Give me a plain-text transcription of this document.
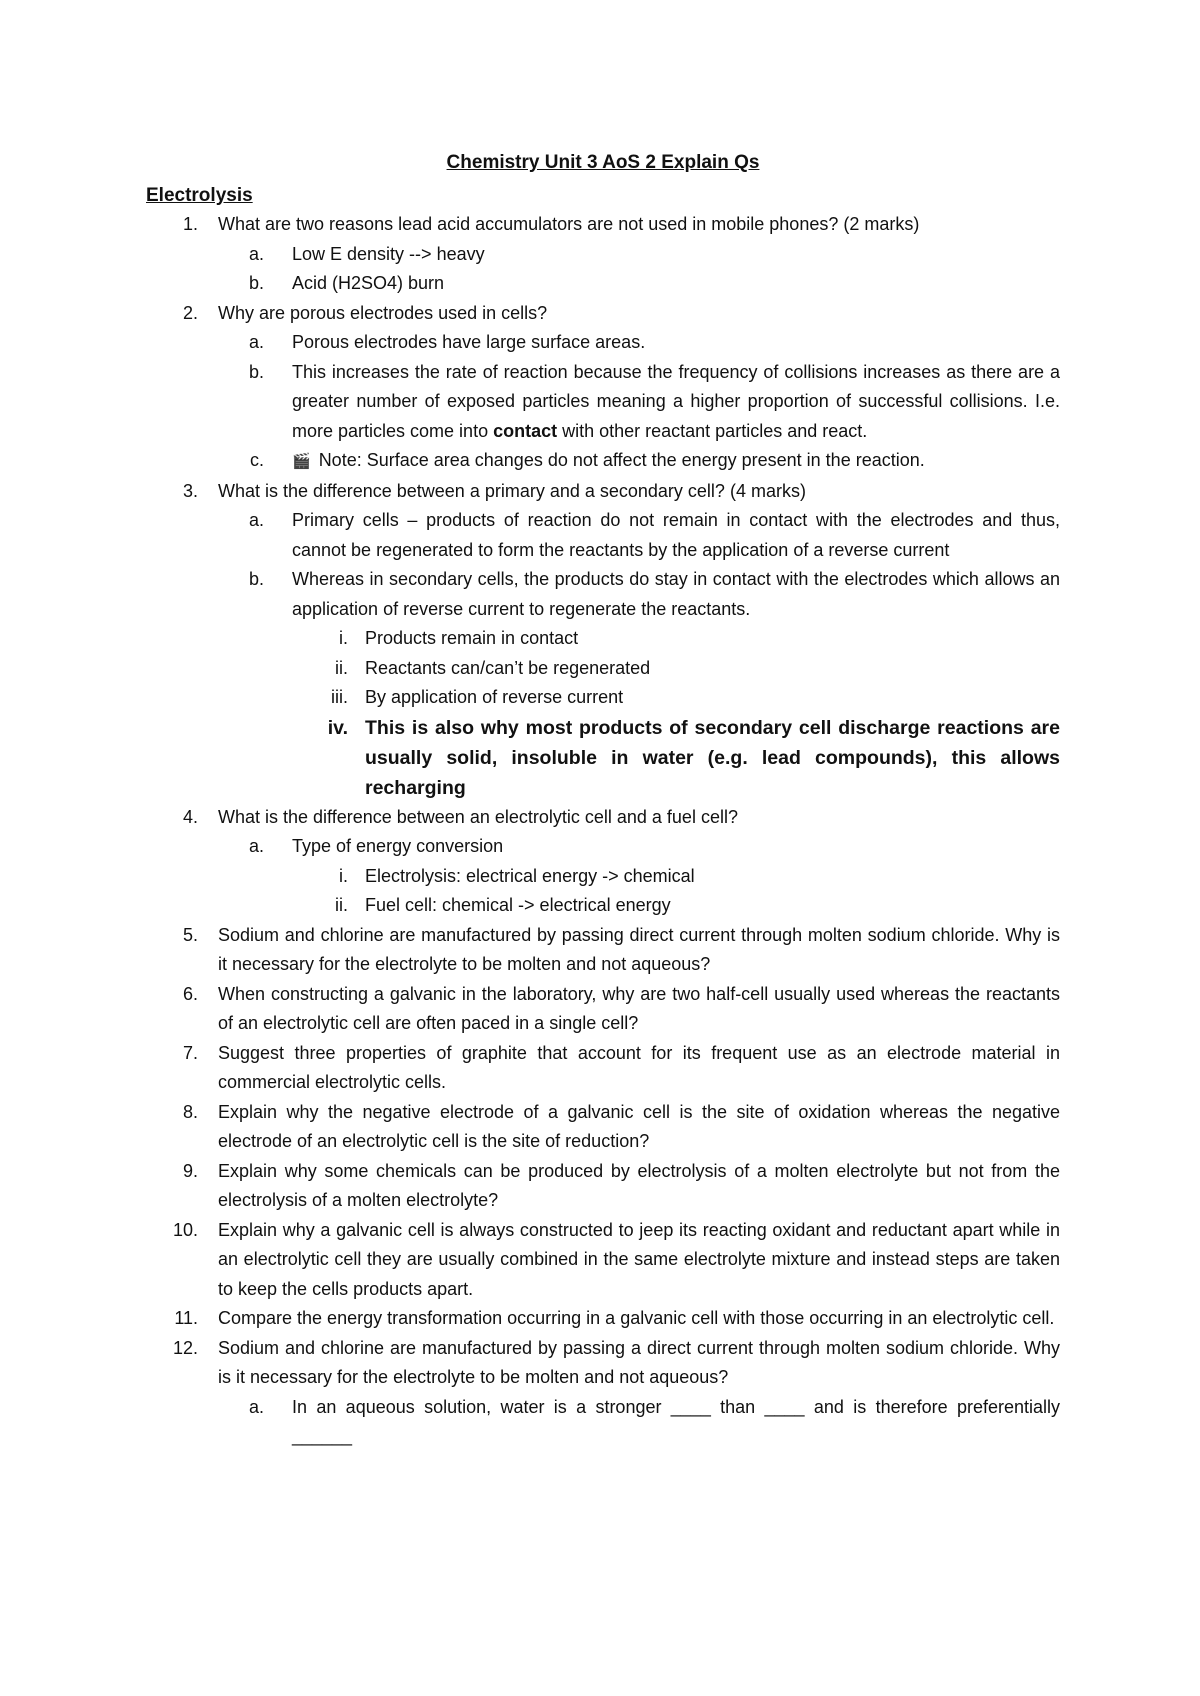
Chemistry Unit 3 AoS 2 Explain Qs
Electrolysis
1. What are two reasons lead acid accumulators are not used in mobile phones? (2 marks)
a. Low E density --> heavy
b. Acid (H2SO4) burn
2. Why are porous electrodes used in cells?
a. Porous electrodes have large surface areas.
b. This increases the rate of reaction because the frequency of collisions increases as there are a greater number of exposed particles meaning a higher proportion of successful collisions. I.e. more particles come into contact with other reactant particles and react.
c. 🎬 Note: Surface area changes do not affect the energy present in the reaction.
3. What is the difference between a primary and a secondary cell? (4 marks)
a. Primary cells – products of reaction do not remain in contact with the electrodes and thus, cannot be regenerated to form the reactants by the application of a reverse current
b. Whereas in secondary cells, the products do stay in contact with the electrodes which allows an application of reverse current to regenerate the reactants.
i. Products remain in contact
ii. Reactants can/can’t be regenerated
iii. By application of reverse current
iv. This is also why most products of secondary cell discharge reactions are usually solid, insoluble in water (e.g. lead compounds), this allows recharging
4. What is the difference between an electrolytic cell and a fuel cell?
a. Type of energy conversion
i. Electrolysis: electrical energy -> chemical
ii. Fuel cell: chemical -> electrical energy
5. Sodium and chlorine are manufactured by passing direct current through molten sodium chloride. Why is it necessary for the electrolyte to be molten and not aqueous?
6. When constructing a galvanic in the laboratory, why are two half-cell usually used whereas the reactants of an electrolytic cell are often paced in a single cell?
7. Suggest three properties of graphite that account for its frequent use as an electrode material in commercial electrolytic cells.
8. Explain why the negative electrode of a galvanic cell is the site of oxidation whereas the negative electrode of an electrolytic cell is the site of reduction?
9. Explain why some chemicals can be produced by electrolysis of a molten electrolyte but not from the electrolysis of a molten electrolyte?
10. Explain why a galvanic cell is always constructed to jeep its reacting oxidant and reductant apart while in an electrolytic cell they are usually combined in the same electrolyte mixture and instead steps are taken to keep the cells products apart.
11. Compare the energy transformation occurring in a galvanic cell with those occurring in an electrolytic cell.
12. Sodium and chlorine are manufactured by passing a direct current through molten sodium chloride. Why is it necessary for the electrolyte to be molten and not aqueous?
a. In an aqueous solution, water is a stronger ____ than ____ and is therefore preferentially ______
